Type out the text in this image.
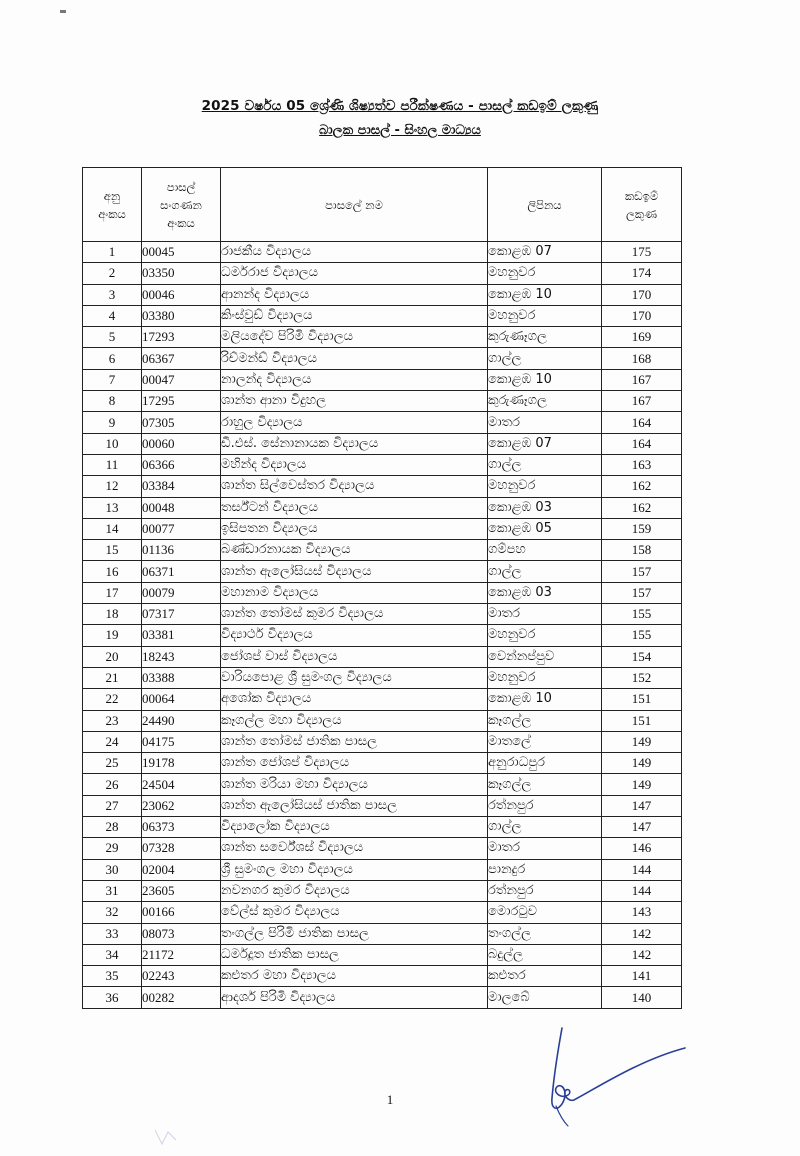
2025 වර්ෂය 05 ශ්‍රේණි ශිෂ්‍යත්ව පරීක්ෂණය - පාසල් කඩඉම් ලකුණු
බාලක පාසල් - සිංහල මාධ්‍යය
අනු අංකය	පාසල් සංගණන අංකය	පාසලේ නම	ලිපිනය	කඩඉම් ලකුණ

1	00045	රාජකීය විද්‍යාලය	කොළඹ 07	175
2	03350	ධර්මරාජ විද්‍යාලය	මහනුවර	174
3	00046	ආනන්ද විද්‍යාලය	කොළඹ 10	170
4	03380	කිංස්වුඩ් විද්‍යාලය	මහනුවර	170
5	17293	මලියදේව පිරිමි විද්‍යාලය	කුරුණෑගල	169
6	06367	රිච්මන්ඩ් විද්‍යාලය	ගාල්ල	168
7	00047	නාලන්ද විද්‍යාලය	කොළඹ 10	167
8	17295	ශාන්ත ආනා විදුහල	කුරුණෑගල	167
9	07305	රාහුල විද්‍යාලය	මාතර	164
10	00060	ඩී.එස්. සේනානායක විද්‍යාලය	කොළඹ 07	164
11	06366	මහින්ද විද්‍යාලය	ගාල්ල	163
12	03384	ශාන්ත සිල්වෙස්තර විද්‍යාලය	මහනුවර	162
13	00048	තර්ස්ටන් විද්‍යාලය	කොළඹ 03	162
14	00077	ඉසිපතන විද්‍යාලය	කොළඹ 05	159
15	01136	බණ්ඩාරනායක විද්‍යාලය	ගම්පහ	158
16	06371	ශාන්ත ඇලෝසියස් විද්‍යාලය	ගාල්ල	157
17	00079	මහානාම විද්‍යාලය	කොළඹ 03	157
18	07317	ශාන්ත තෝමස් කුමර විද්‍යාලය	මාතර	155
19	03381	විද්‍යාර්ථ විද්‍යාලය	මහනුවර	155
20	18243	ජෝශප් වාස් විද්‍යාලය	වෙන්නප්පුව	154
21	03388	වාරියපොළ ශ්‍රී සුමංගල විද්‍යාලය	මහනුවර	152
22	00064	අශෝක විද්‍යාලය	කොළඹ 10	151
23	24490	කෑගල්ල මහා විද්‍යාලය	කෑගල්ල	151
24	04175	ශාන්ත තෝමස් ජාතික පාසල	මාතලේ	149
25	19178	ශාන්ත ජෝශප් විද්‍යාලය	අනුරාධපුර	149
26	24504	ශාන්ත මරියා මහා විද්‍යාලය	කෑගල්ල	149
27	23062	ශාන්ත ඇලෝසියස් ජාතික පාසල	රත්නපුර	147
28	06373	විද්‍යාලෝක විද්‍යාලය	ගාල්ල	147
29	07328	ශාන්ත සර්වේශස් විද්‍යාලය	මාතර	146
30	02004	ශ්‍රී සුමංගල මහා විද්‍යාලය	පානදුර	144
31	23605	නවනගර කුමර විද්‍යාලය	රත්නපුර	144
32	00166	වේල්ස් කුමර විද්‍යාලය	මොරටුව	143
33	08073	තංගල්ල පිරිමි ජාතික පාසල	තංගල්ල	142
34	21172	ධර්මදූත ජාතික පාසල	බදුල්ල	142
35	02243	කළුතර මහා විද්‍යාලය	කළුතර	141
36	00282	ආදර්ශ පිරිමි විද්‍යාලය	මාලබේ	140
1
